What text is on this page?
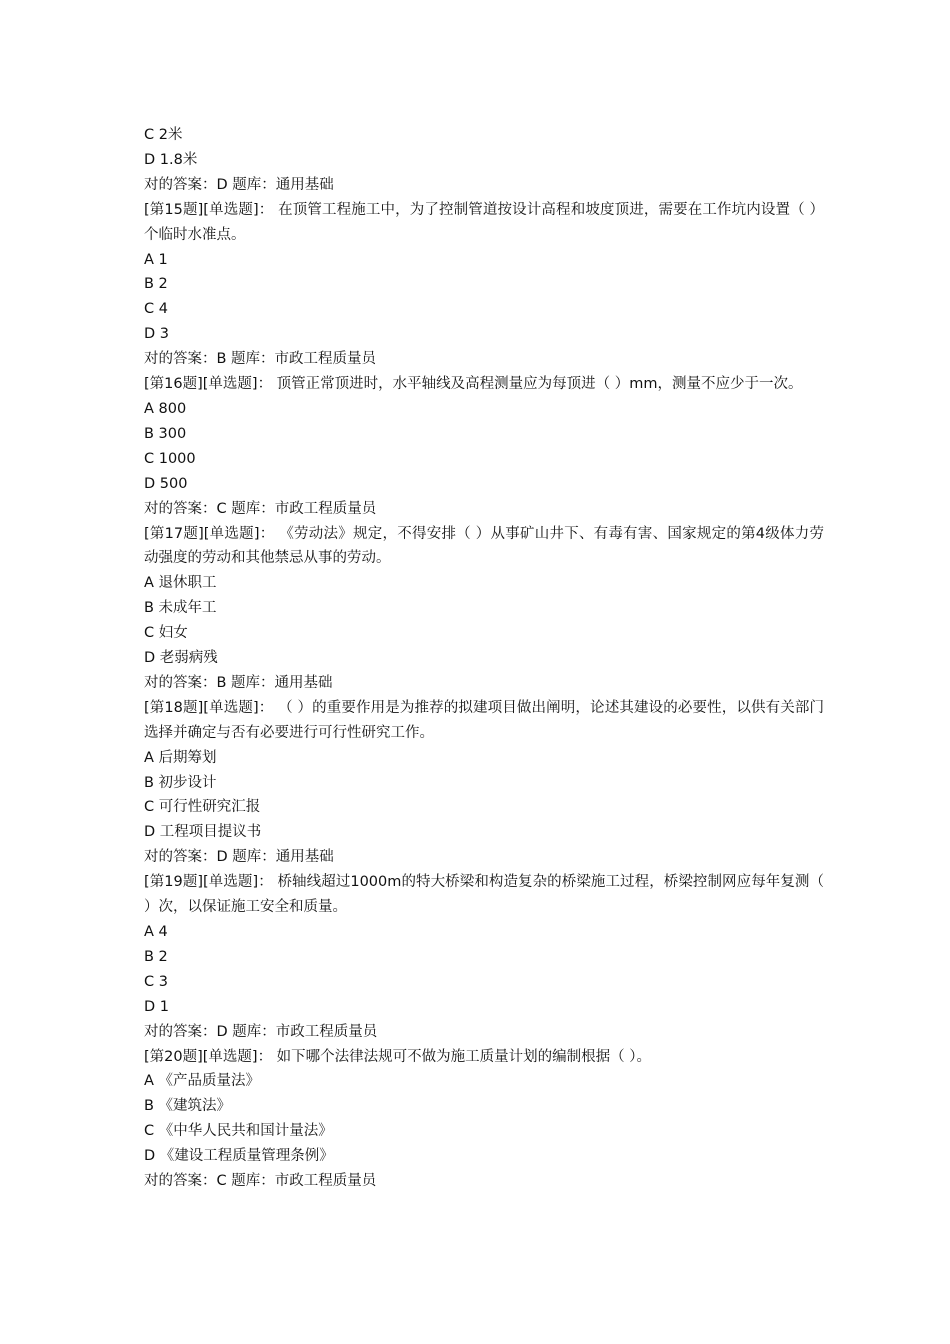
C 2米
D 1.8米
对的答案：D 题库：通用基础
[第15题][单选题]： 在顶管工程施工中，为了控制管道按设计高程和坡度顶进，需要在工作坑内设置（ ）个临时水准点。
A 1
B 2
C 4
D 3
对的答案：B 题库：市政工程质量员
[第16题][单选题]： 顶管正常顶进时，水平轴线及高程测量应为每顶进（ ）mm，测量不应少于一次。
A 800
B 300
C 1000
D 500
对的答案：C 题库：市政工程质量员
[第17题][单选题]： 《劳动法》规定，不得安排（ ）从事矿山井下、有毒有害、国家规定的第4级体力劳动强度的劳动和其他禁忌从事的劳动。
A 退休职工
B 未成年工
C 妇女
D 老弱病残
对的答案：B 题库：通用基础
[第18题][单选题]： （ ）的重要作用是为推荐的拟建项目做出阐明，论述其建设的必要性，以供有关部门选择并确定与否有必要进行可行性研究工作。
A 后期筹划
B 初步设计
C 可行性研究汇报
D 工程项目提议书
对的答案：D 题库：通用基础
[第19题][单选题]： 桥轴线超过1000m的特大桥梁和构造复杂的桥梁施工过程，桥梁控制网应每年复测（ ）次，以保证施工安全和质量。
A 4
B 2
C 3
D 1
对的答案：D 题库：市政工程质量员
[第20题][单选题]： 如下哪个法律法规可不做为施工质量计划的编制根据（ ）。
A 《产品质量法》
B 《建筑法》
C 《中华人民共和国计量法》
D 《建设工程质量管理条例》
对的答案：C 题库：市政工程质量员
